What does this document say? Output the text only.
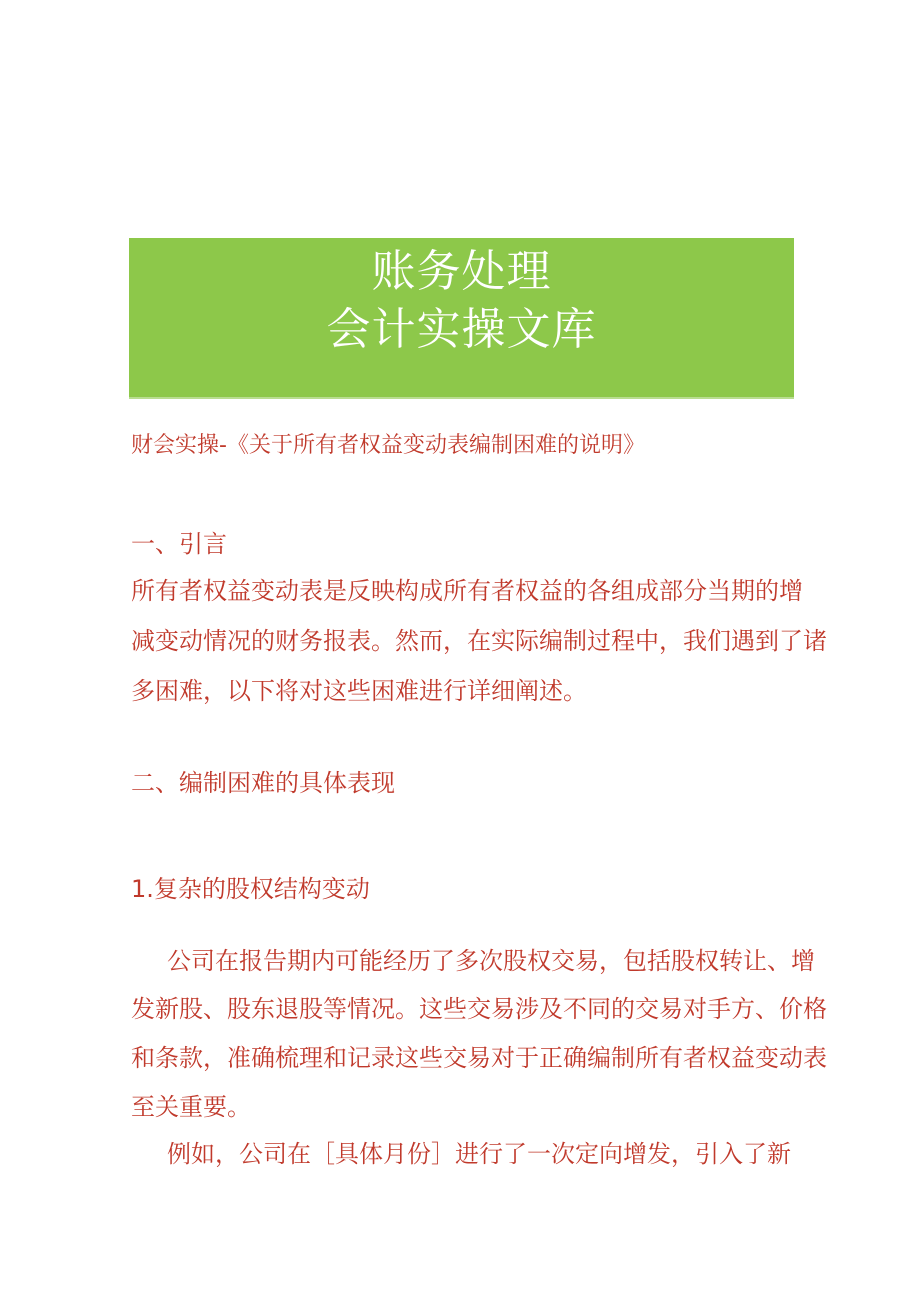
账务处理
会计实操文库
财会实操-《关于所有者权益变动表编制困难的说明》
一、引言
所有者权益变动表是反映构成所有者权益的各组成部分当期的增
减变动情况的财务报表。然而，在实际编制过程中，我们遇到了诸
多困难，以下将对这些困难进行详细阐述。
二、编制困难的具体表现
1.复杂的股权结构变动
公司在报告期内可能经历了多次股权交易，包括股权转让、增
发新股、股东退股等情况。这些交易涉及不同的交易对手方、价格
和条款，准确梳理和记录这些交易对于正确编制所有者权益变动表
至关重要。
例如，公司在［具体月份］进行了一次定向增发，引入了新
